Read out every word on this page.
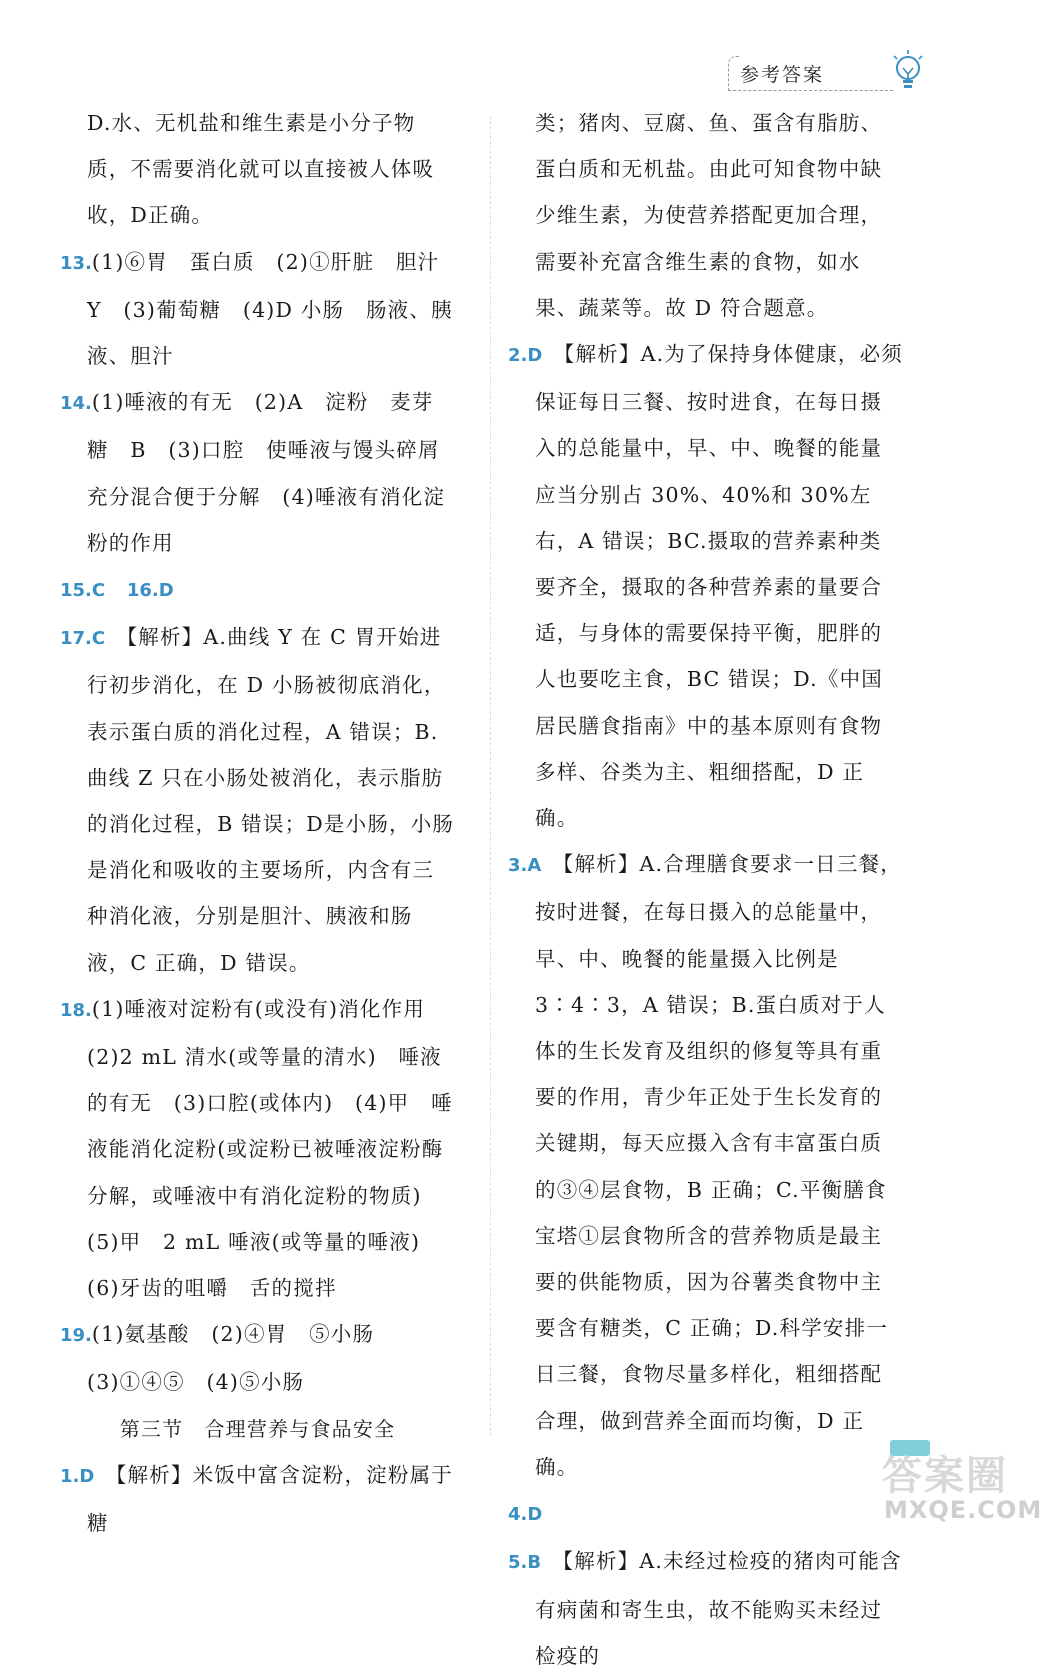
参考答案

D.水、无机盐和维生素是小分子物质，不需要消化就可以直接被人体吸收，D正确。

13.(1)⑥胃　蛋白质　(2)①肝脏　胆汁　Y　(3)葡萄糖　(4)D 小肠　肠液、胰液、胆汁

14.(1)唾液的有无　(2)A　淀粉　麦芽糖　B　(3)口腔　使唾液与馒头碎屑充分混合便于分解　(4)唾液有消化淀粉的作用

15.C　 16.D

17.C　 【解析】A.曲线 Y 在 C 胃开始进行初步消化，在 D 小肠被彻底消化，表示蛋白质的消化过程，A 错误；B.曲线 Z 只在小肠处被消化，表示脂肪的消化过程，B 错误；D是小肠，小肠是消化和吸收的主要场所，内含有三种消化液，分别是胆汁、胰液和肠液，C 正确，D 错误。

18.(1)唾液对淀粉有(或没有)消化作用

(2)2 mL 清水(或等量的清水)　唾液的有无　(3)口腔(或体内)　(4)甲　唾液能消化淀粉(或淀粉已被唾液淀粉酶分解，或唾液中有消化淀粉的物质)

(5)甲　2 mL 唾液(或等量的唾液)

(6)牙齿的咀嚼　舌的搅拌

19.(1)氨基酸　(2)④胃　⑤小肠

(3)①④⑤　(4)⑤小肠

第三节　合理营养与食品安全

1.D　 【解析】米饭中富含淀粉，淀粉属于糖

类；猪肉、豆腐、鱼、蛋含有脂肪、蛋白质和无机盐。由此可知食物中缺少维生素，为使营养搭配更加合理，需要补充富含维生素的食物，如水果、蔬菜等。故 D 符合题意。

2.D　 【解析】A.为了保持身体健康，必须保证每日三餐、按时进食，在每日摄入的总能量中，早、中、晚餐的能量应当分别占 30%、40%和 30%左右，A 错误；BC.摄取的营养素种类要齐全，摄取的各种营养素的量要合适，与身体的需要保持平衡，肥胖的人也要吃主食，BC 错误；D.《中国居民膳食指南》中的基本原则有食物多样、谷类为主、粗细搭配，D 正确。

3.A　 【解析】A.合理膳食要求一日三餐，按时进餐，在每日摄入的总能量中，早、中、晚餐的能量摄入比例是 3∶4∶3，A 错误；B.蛋白质对于人体的生长发育及组织的修复等具有重要的作用，青少年正处于生长发育的关键期，每天应摄入含有丰富蛋白质的③④层食物，B 正确；C.平衡膳食宝塔①层食物所含的营养物质是最主要的供能物质，因为谷薯类食物中主要含有糖类，C 正确；D.科学安排一日三餐，食物尽量多样化，粗细搭配合理，做到营养全面而均衡，D 正确。

4.D

5.B　 【解析】A.未经过检疫的猪肉可能含有病菌和寄生虫，故不能购买未经过检疫的

答案圈
MXQE.COM
